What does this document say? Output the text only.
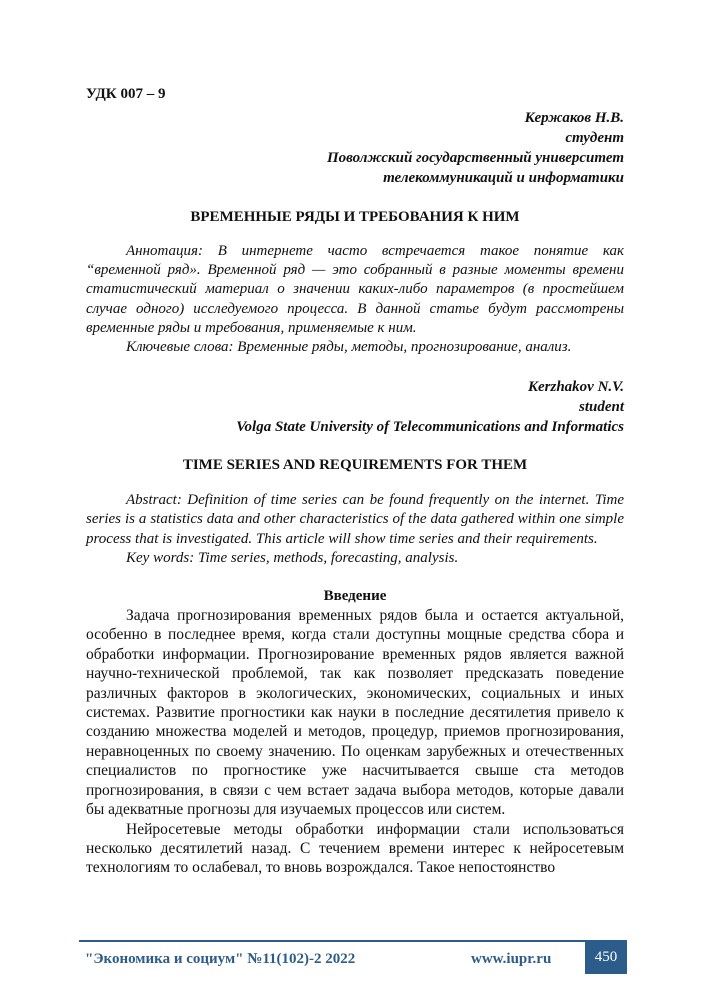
УДК 007 – 9
Кержаков Н.В.
студент
Поволжский государственный университет
телекоммуникаций и информатики
ВРЕМЕННЫЕ РЯДЫ И ТРЕБОВАНИЯ К НИМ

Аннотация: В интернете часто встречается такое понятие как “временной ряд». Временной ряд — это собранный в разные моменты времени статистический материал о значении каких-либо параметров (в простейшем случае одного) исследуемого процесса. В данной статье будут рассмотрены временные ряды и требования, применяемые к ним.

Ключевые слова: Временные ряды, методы, прогнозирование, анализ.

Kerzhakov N.V.
student
Volga State University of Telecommunications and Informatics
TIME SERIES AND REQUIREMENTS FOR THEM

Abstract: Definition of time series can be found frequently on the internet. Time series is a statistics data and other characteristics of the data gathered within one simple process that is investigated. This article will show time series and their requirements.

Key words: Time series, methods, forecasting, analysis.

Введение

Задача прогнозирования временных рядов была и остается актуальной, особенно в последнее время, когда стали доступны мощные средства сбора и обработки информации. Прогнозирование временных рядов является важной научно-технической проблемой, так как позволяет предсказать поведение различных факторов в экологических, экономических, социальных и иных системах. Развитие прогностики как науки в последние десятилетия привело к созданию множества моделей и методов, процедур, приемов прогнозирования, неравноценных по своему значению. По оценкам зарубежных и отечественных специалистов по прогностике уже насчитывается свыше ста методов прогнозирования, в связи с чем встает задача выбора методов, которые давали бы адекватные прогнозы для изучаемых процессов или систем.

Нейросетевые методы обработки информации стали использоваться несколько десятилетий назад. С течением времени интерес к нейросетевым технологиям то ослабевал, то вновь возрождался. Такое непостоянство

"Экономика и социум" №11(102)-2 2022	www.iupr.ru	450
